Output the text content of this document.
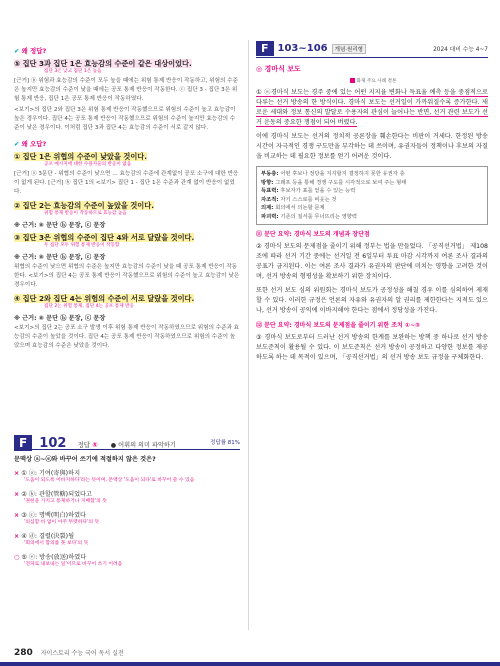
✔ 왜 정답?
⑤ 집단 3과 집단 1은 효능감의 수준이 같은 대상이었다.
집단 3은 낮고 집단 1은 높음
[근거] ⓑ 위험과 효능감의 수준이 모두 높을 때에는 위험 통제 반응이 작동하고, 위험의 수준은 높지만 효능감의 수준이 낮을 때에는 공포 통제 반응이 작동한다. ⓒ 집단 3 - 집단 3은 위험 통제 반응, 집단 1은 공포 통제 반응이 작동하였다.
<보기>의 집단 2와 집단 3은 위험 통제 반응이 작동했으므로 위험의 수준이 높고 효능감이 높은 경우이다. 집단 4는 공포 통제 반응이 작동했으므로 위험의 수준이 높지만 효능감의 수준이 낮은 경우이다. 이처럼 집단 3과 집단 4는 효능감의 수준이 서로 같지 않다.
✔ 왜 오답?
① 집단 1은 위협의 수준이 낮았을 것이다.
공포 메시지에 대한 수용자들의 반응이 없음
[근거] ⓐ 3문단 - 위협의 수준이 낮으면 … 효능감의 수준에 관계없이 공포 소구에 대한 반응이 없게 된다. [근거] ⓑ 집단 1의 <보기> 집단 1 - 집단 1은 수준과 관계 없이 반응이 없었다.
② 집단 2는 효능감의 수준이 높았을 것이다.
위험 통제 반응이 작동하므로 효능감 높음
※ 근거: ⑧ 문단 ⓑ 문장, ⓒ 문장
③ 집단 3은 위협의 수준이 집단 4와 서로 달랐을 것이다.
두 집단 모두 위험 통제 반응이 작동함
※ 근거: ⑧ 문단 ⓑ 문장, ⓒ 문장
위협의 수준이 낮으면 위협의 수준은 높지만 효능감의 수준이 낮을 때 공포 통제 반응이 작동한다. <보기>의 집단 4는 공포 통제 반응이 작동했으므로 위험의 수준이 높고 효능감이 낮은 경우이다.
④ 집단 2와 집단 4는 위험의 수준이 서로 달랐을 것이다.
집단 2는 위험 통제, 집단 4는 공포 통제 반응
※ 근거: ⑧ 문단 ⓑ 문장, ⓒ 문장
<보기>의 집단 2는 공포 소구 발생 이후 위험 통제 반응이 작동하였으므로 위험의 수준과 효능감의 수준이 높았을 것이다. 집단 4는 공포 통제 반응이 작동하였으므로 위험의 수준이 높았으며 효능감의 수준은 낮았을 것이다.
F 102 정답 ⑤ ● 어휘의 의미 파악하기	정답률 81%
문맥상 ⓐ~ⓔ와 바꾸어 쓰기에 적절하지 않은 것은?
× ① ⓐ: 기여(寄與)하지
'도움이 되도록 이바지하다'라는 뜻이며, 문맥상 '도움이 되다'로 바꾸어 쓸 수 있음
× ② ⓑ: 관할(管轄)되었다고
'권한을 가지고 통제하거나 지배함'의 뜻
× ③ ⓒ: 명백(明白)하였다
'의심할 바 없이 아주 뚜렷하다'의 뜻
× ④ ⓓ: 결렬(決裂)될
'회의에서 합의를 못 보다'의 뜻
○ ⑤ ⓔ: 방송(放送)하였다
'전파로 내보내는 일'이므로 바꾸어 쓰기 어려움
F 103~106	개념·원리형	2024 대비 수능 4~7
◎ 경마식 보도
화제 주요 사례 결론
① ⓐ경마식 보도는 경주 중에 있는 어떤 지지율 변화나 득표율 예측 등을 중점적으로 다루는 선거 방송의 한 방식이다. 경마식 보도는 선거일이 가까워질수록 증가한다. 새로운 세대와 정보 통신의 발달로 수용자의 관심이 늘어나는 반면, 선거 관련 보도가 선거 운동의 중요한 쟁점이 되어 버렸다.
이에 경마식 보도는 선거의 정치적 공론장을 훼손한다는 비판이 거세다. 한정된 방송 시간이 자극적인 경쟁 구도만을 부각하는 데 쓰이며, 유권자들이 정책이나 후보의 자질을 비교하는 데 필요한 정보를 얻기 어려운 것이다.
부동층: 어떤 후보나 정당을 지지할지 결정하지 못한 유권자 층
방향: 그래프 등을 통해 경쟁 구도를 시각적으로 보여 주는 형태
득표력: 후보자가 표를 얻을 수 있는 능력
자조적: 자기 스스로를 비웃는 것
의제: 회의에서 의논할 문제
파괴력: 기존의 질서를 무너뜨리는 영향력
⑪ 문단 요약: 경마식 보도의 개념과 장단점
② 경마식 보도의 문제점을 줄이기 위해 정부는 법을 만들었다. 「공직선거법」 제108조에 따라 선거 기간 중에는 선거일 전 6일부터 투표 마감 시각까지 여론 조사 결과의 공표가 금지된다. 이는 여론 조사 결과가 유권자의 판단에 미치는 영향을 고려한 것이며, 선거 방송의 형평성을 확보하기 위한 장치이다.
또한 선거 보도 심의 위원회는 경마식 보도가 공정성을 해칠 경우 이를 심의하여 제재할 수 있다. 이러한 규정은 언론의 자유와 유권자의 알 권리를 제한한다는 지적도 있으나, 선거 방송이 공익에 이바지해야 한다는 점에서 정당성을 가진다.
⑫ 문단 요약: 경마식 보도의 문제점을 줄이기 위한 조치 ①~③
③ 경마식 보도로부터 드러난 선거 방송의 한계를 보완하는 방책 중 하나로 선거 방송 보도준칙이 활용될 수 있다. 이 보도준칙은 선거 방송이 공정하고 다양한 정보를 제공하도록 하는 데 목적이 있으며, 「공직선거법」의 선거 방송 보도 규정을 구체화한다.
280 자이스토리 수능 국어 독서 실전
